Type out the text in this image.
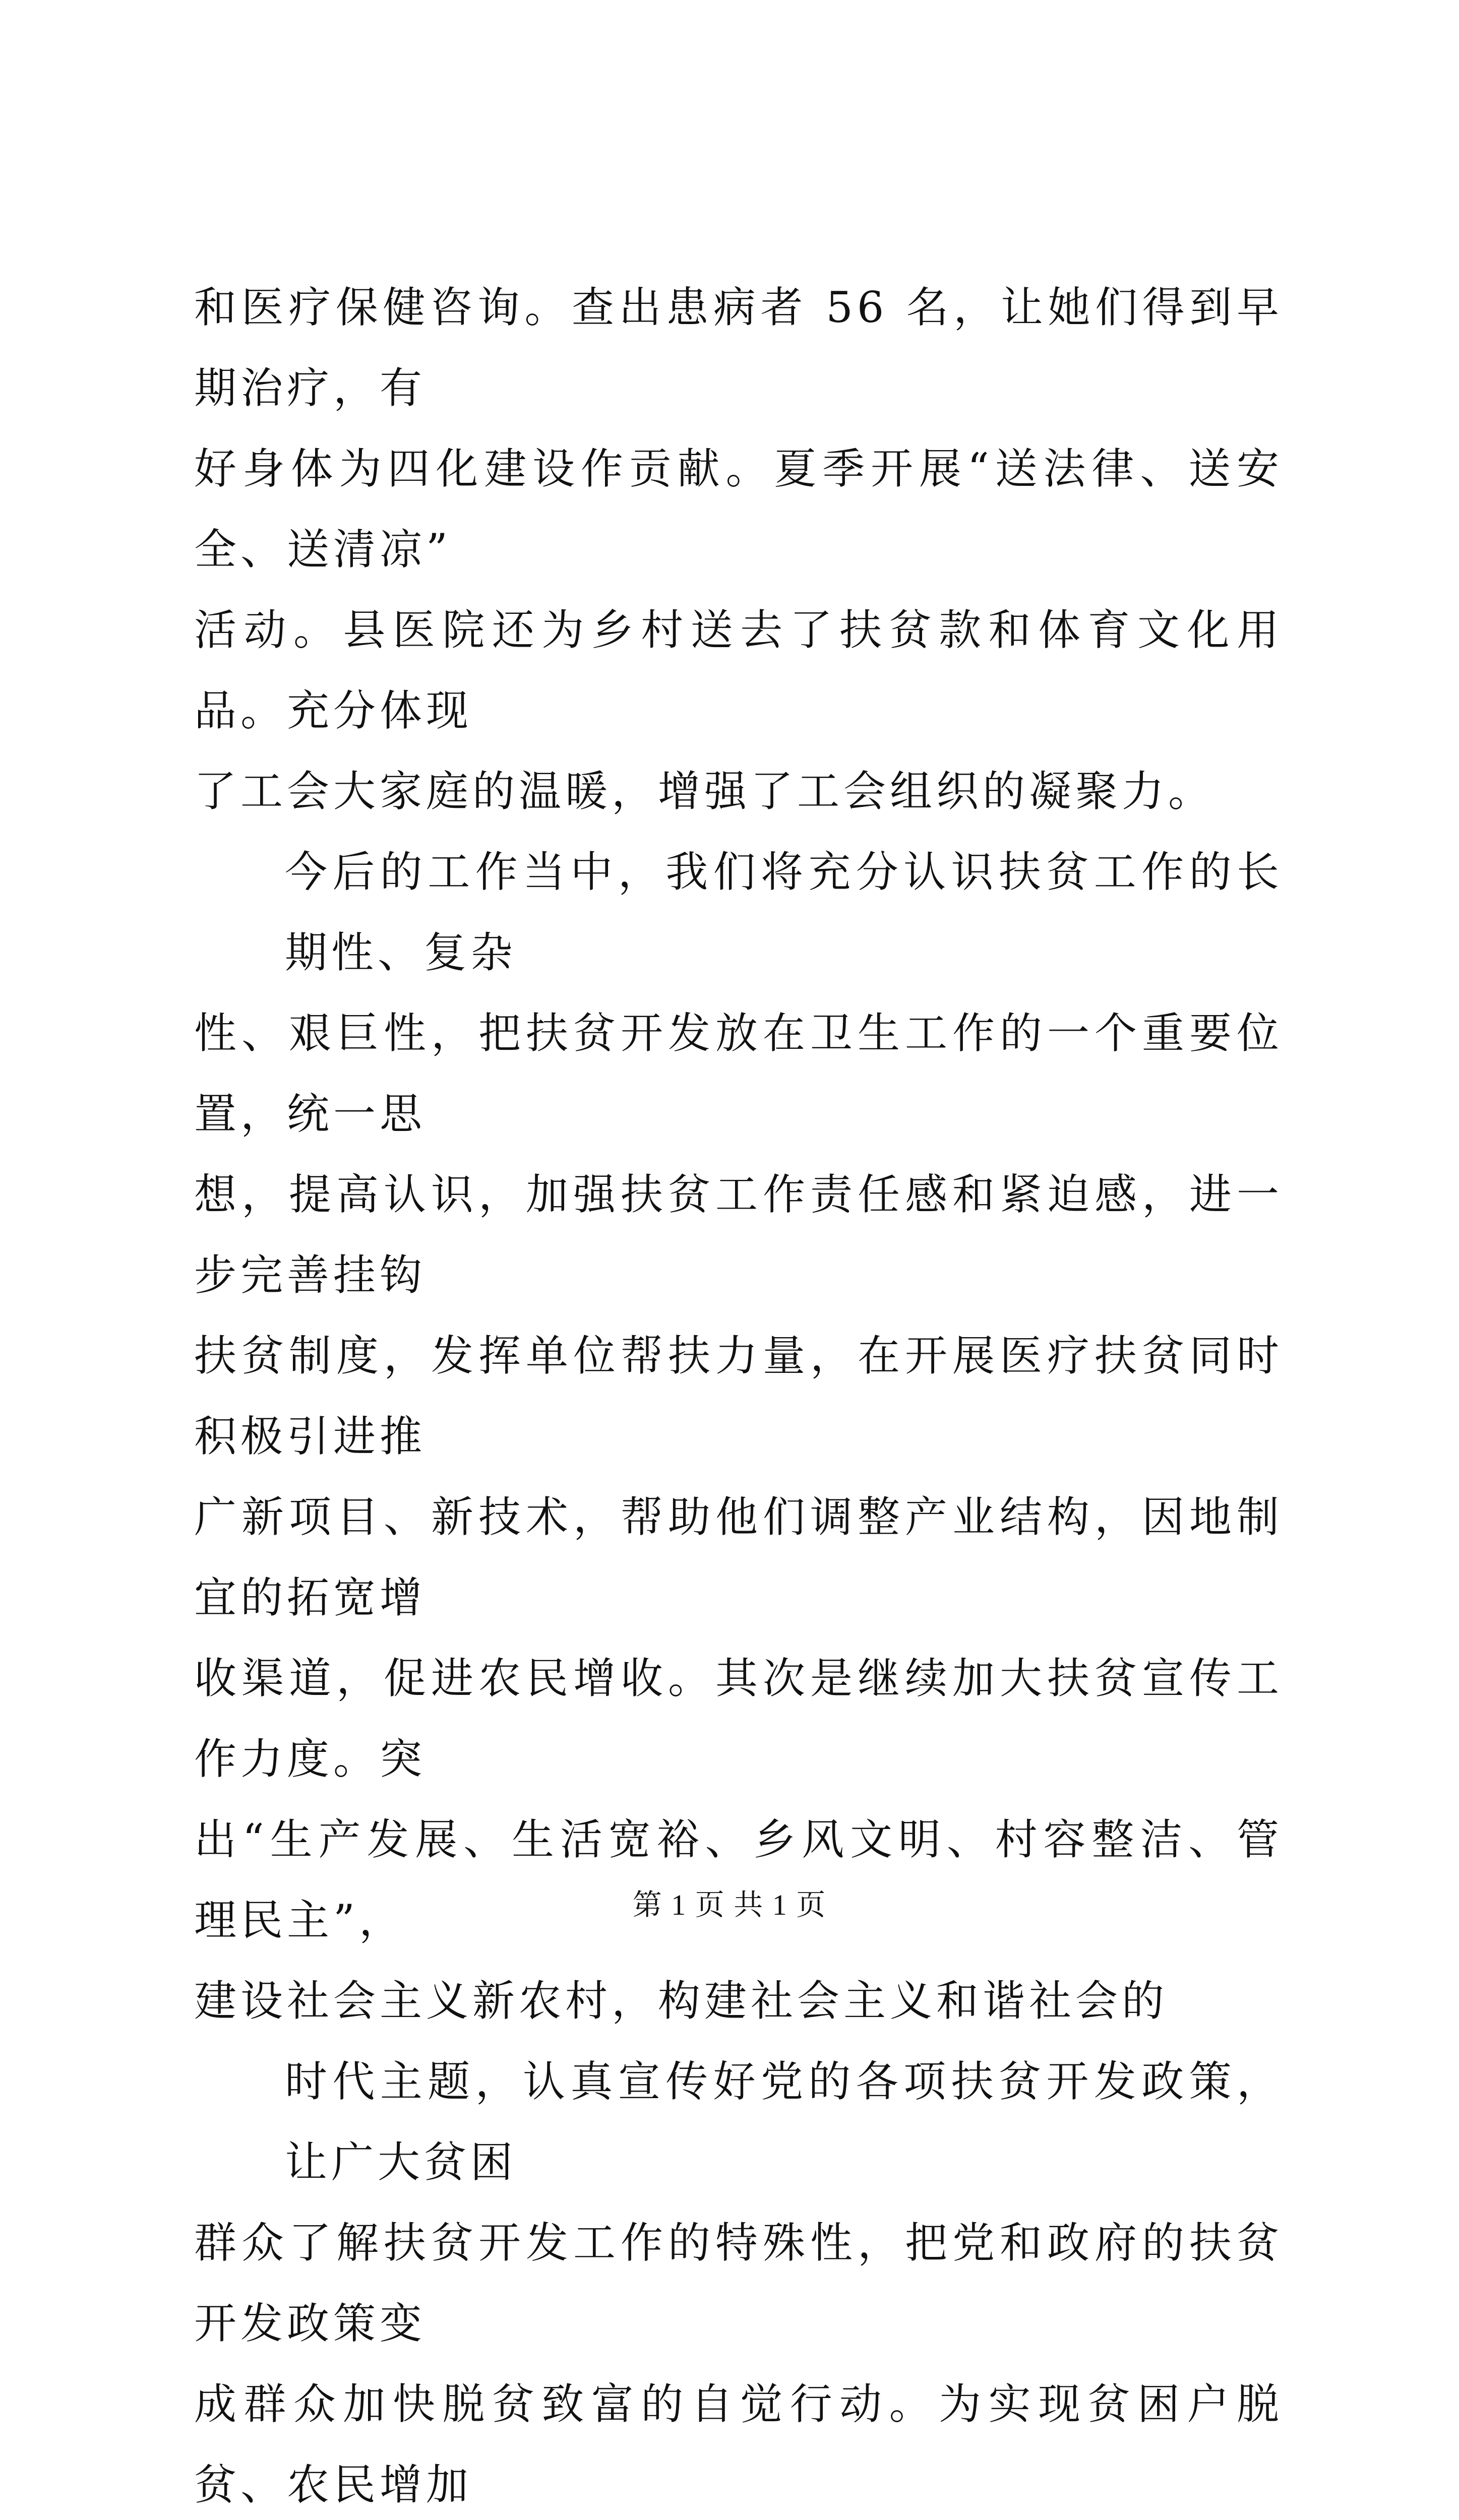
和医疗保健咨询。查出患病者 56 名，让她们得到早期治疗，有
好身体为四化建设作贡献。夏季开展“送法律、送安全、送清凉”
活动。县医院还为乡村送去了扶贫款和体育文化用品。充分体现
了工会大家庭的温暖，增强了工会组织的凝聚力。

今后的工作当中，我们将充分认识扶贫工作的长期性、复杂
性、艰巨性，把扶贫开发放在卫生工作的一个重要位置，统一思
想，提高认识，加强扶贫工作责任感和紧迫感，进一步完善挂钩
扶贫制度，发挥单位帮扶力量，在开展医疗扶贫同时积极引进推
广新项目、新技术，帮助他们调整产业结构，因地制宜的拓宽增
收渠道，促进农民增收。其次是继续加大扶贫宣传工作力度。突
出“生产发展、生活宽裕、乡风文明、村容整洁、管理民主”，
建设社会主义新农村，构建社会主义和谐社会的

时代主题，认真宣传好党的各项扶贫开发政策，让广大贫困
群众了解扶贫开发工作的特殊性，把党和政府的扶贫开发政策变
成群众加快脱贫致富的自觉行动。为实现贫困户脱贫、农民增加

第 1 页 共 1 页
